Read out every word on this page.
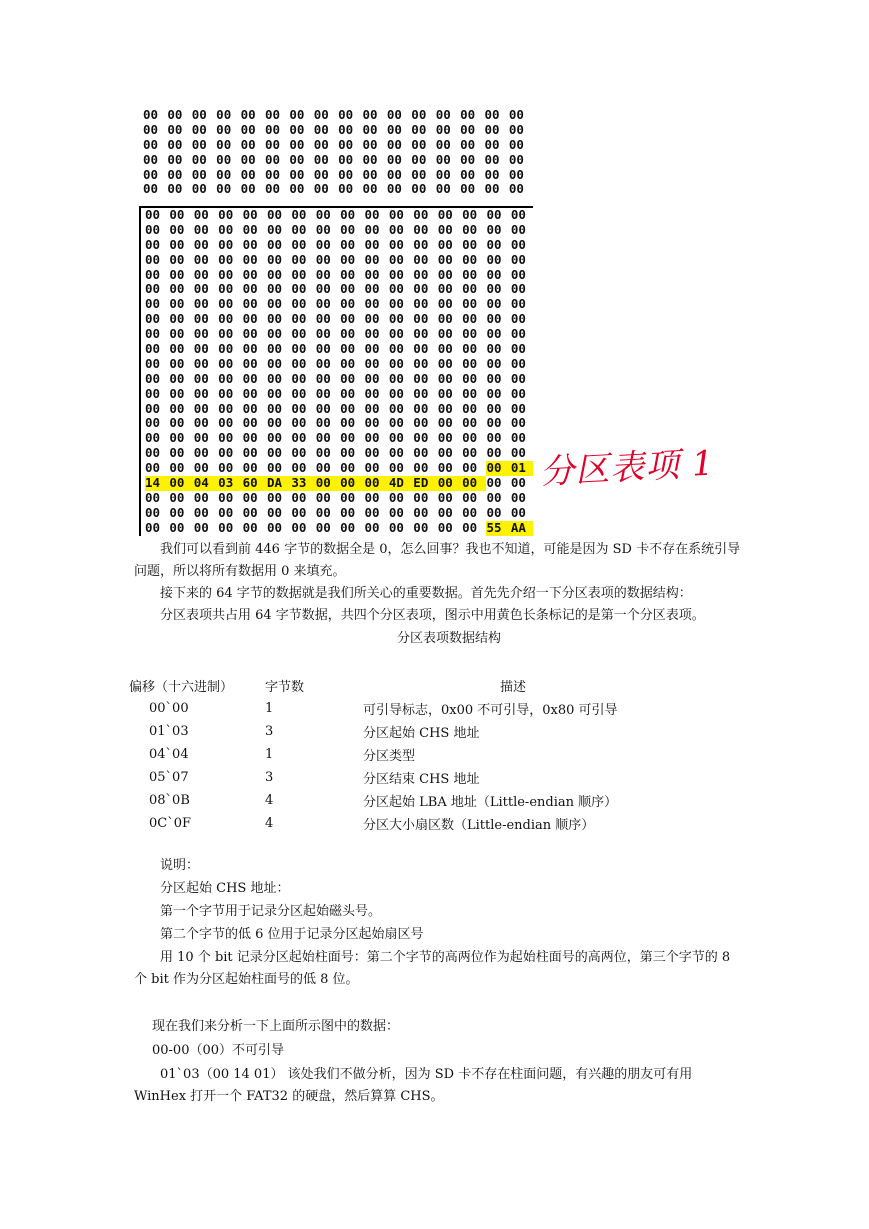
00 00 00 00 00 00 00 00 00 00 00 00 00 00 00 00
00 00 00 00 00 00 00 00 00 00 00 00 00 00 00 00
00 00 00 00 00 00 00 00 00 00 00 00 00 00 00 00
00 00 00 00 00 00 00 00 00 00 00 00 00 00 00 00
00 00 00 00 00 00 00 00 00 00 00 00 00 00 00 00
00 00 00 00 00 00 00 00 00 00 00 00 00 00 00 00
00 00 00 00 00 00 00 00 00 00 00 00 00 00 00 00
00 00 00 00 00 00 00 00 00 00 00 00 00 00 00 00
00 00 00 00 00 00 00 00 00 00 00 00 00 00 00 00
00 00 00 00 00 00 00 00 00 00 00 00 00 00 00 00
00 00 00 00 00 00 00 00 00 00 00 00 00 00 00 00
00 00 00 00 00 00 00 00 00 00 00 00 00 00 00 00
00 00 00 00 00 00 00 00 00 00 00 00 00 00 00 00
00 00 00 00 00 00 00 00 00 00 00 00 00 00 00 00
00 00 00 00 00 00 00 00 00 00 00 00 00 00 00 00
00 00 00 00 00 00 00 00 00 00 00 00 00 00 00 00
00 00 00 00 00 00 00 00 00 00 00 00 00 00 00 00
00 00 00 00 00 00 00 00 00 00 00 00 00 00 00 00
00 00 00 00 00 00 00 00 00 00 00 00 00 00 00 00
00 00 00 00 00 00 00 00 00 00 00 00 00 00 00 00
00 00 00 00 00 00 00 00 00 00 00 00 00 00 00 00
00 00 00 00 00 00 00 00 00 00 00 00 00 00 00 00
00 00 00 00 00 00 00 00 00 00 00 00 00 00 00 00
00 00 00 00 00 00 00 00 00 00 00 00 00 00 00 01
14 00 04 03 60 DA 33 00 00 00 4D ED 00 00 00 00
00 00 00 00 00 00 00 00 00 00 00 00 00 00 00 00
00 00 00 00 00 00 00 00 00 00 00 00 00 00 00 00
00 00 00 00 00 00 00 00 00 00 00 00 00 00 55 AA
分区表项 1
我们可以看到前 446 字节的数据全是 0，怎么回事？我也不知道，可能是因为 SD 卡不存在系统引导问题，所以将所有数据用 0 来填充。
接下来的 64 字节的数据就是我们所关心的重要数据。首先先介绍一下分区表项的数据结构：
分区表项共占用 64 字节数据，共四个分区表项，图示中用黄色长条标记的是第一个分区表项。
分区表项数据结构
偏移（十六进制）	字节数	描述
00`00	1	可引导标志，0x00 不可引导，0x80 可引导
01`03	3	分区起始 CHS 地址
04`04	1	分区类型
05`07	3	分区结束 CHS 地址
08`0B	4	分区起始 LBA 地址（Little-endian 顺序）
0C`0F	4	分区大小扇区数（Little-endian 顺序）
说明：
分区起始 CHS 地址：
第一个字节用于记录分区起始磁头号。
第二个字节的低 6 位用于记录分区起始扇区号
用 10 个 bit 记录分区起始柱面号：第二个字节的高两位作为起始柱面号的高两位，第三个字节的 8 个 bit 作为分区起始柱面号的低 8 位。
现在我们来分析一下上面所示图中的数据：
00-00（00）不可引导
01`03（00 14 01） 该处我们不做分析，因为 SD 卡不存在柱面问题，有兴趣的朋友可有用 WinHex 打开一个 FAT32 的硬盘，然后算算 CHS。
